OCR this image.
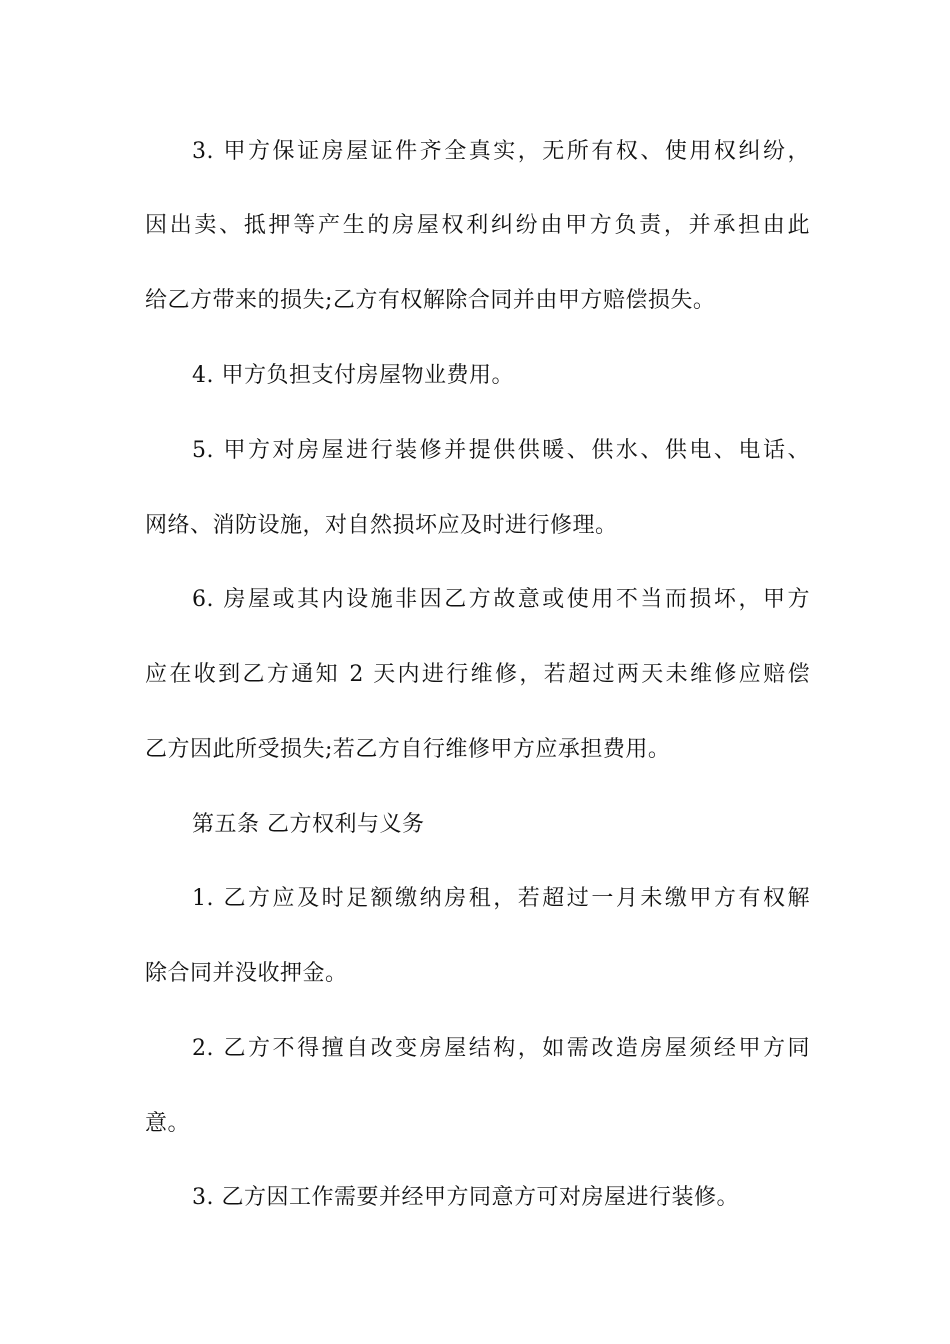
3. 甲方保证房屋证件齐全真实，无所有权、使用权纠纷，
因出卖、抵押等产生的房屋权利纠纷由甲方负责，并承担由此
给乙方带来的损失;乙方有权解除合同并由甲方赔偿损失。
4. 甲方负担支付房屋物业费用。
5. 甲方对房屋进行装修并提供供暖、供水、供电、电话、
网络、消防设施，对自然损坏应及时进行修理。
6. 房屋或其内设施非因乙方故意或使用不当而损坏，甲方
应在收到乙方通知 2 天内进行维修，若超过两天未维修应赔偿
乙方因此所受损失;若乙方自行维修甲方应承担费用。
第五条 乙方权利与义务
1. 乙方应及时足额缴纳房租，若超过一月未缴甲方有权解
除合同并没收押金。
2. 乙方不得擅自改变房屋结构，如需改造房屋须经甲方同
意。
3. 乙方因工作需要并经甲方同意方可对房屋进行装修。
